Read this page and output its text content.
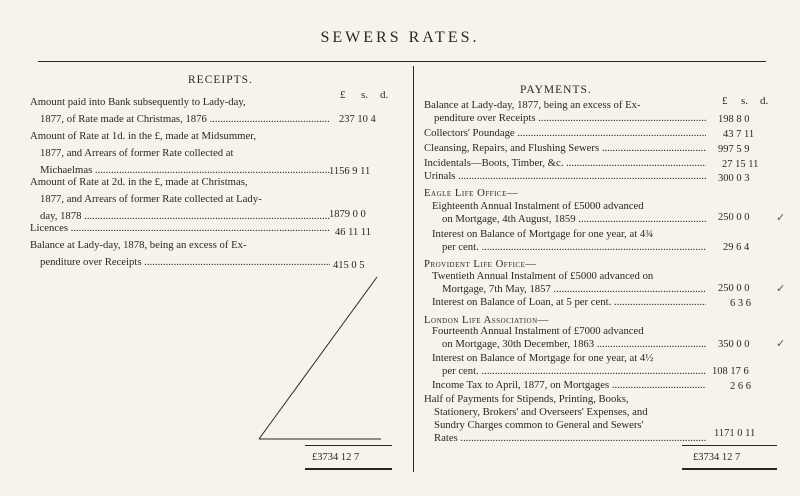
SEWERS RATES.
RECEIPTS.
£ s. d.
Amount paid into Bank subsequently to Lady-day,
1877, of Rate made at Christmas, 1876 .....	237 10 4
Amount of Rate at 1d. in the £, made at Midsummer,
1877, and Arrears of former Rate collected at
Michaelmas .....	1156 9 11
Amount of Rate at 2d. in the £, made at Christmas,
1877, and Arrears of former Rate collected at Lady-
day, 1878 .....	1879 0 0
Licences .....	46 11 11
Balance at Lady-day, 1878, being an excess of Ex-
penditure over Receipts .....	415 0 5
£3734 12 7
PAYMENTS.
£ s. d.
Balance at Lady-day, 1877, being an excess of Ex-
penditure over Receipts .....	198 8 0
Collectors' Poundage .....	43 7 11
Cleansing, Repairs, and Flushing Sewers .....	997 5 9
Incidentals—Boots, Timber, &c. .....	27 15 11
Urinals .....	300 0 3
Eagle Life Office—
Eighteenth Annual Instalment of £5000 advanced
on Mortgage, 4th August, 1859 .....	250 0 0 ✓
Interest on Balance of Mortgage for one year, at 4¾
per cent. .....	29 6 4
Provident Life Office—
Twentieth Annual Instalment of £5000 advanced on
Mortgage, 7th May, 1857 .....	250 0 0 ✓
Interest on Balance of Loan, at 5 per cent. .....	6 3 6
London Life Association—
Fourteenth Annual Instalment of £7000 advanced
on Mortgage, 30th December, 1863 .....	350 0 0 ✓
Interest on Balance of Mortgage for one year, at 4½
per cent. .....	108 17 6
Income Tax to April, 1877, on Mortgages .....	2 6 6
Half of Payments for Stipends, Printing, Books,
Stationery, Brokers' and Overseers' Expenses, and
Sundry Charges common to General and Sewers'
Rates .....	1171 0 11
£3734 12 7
